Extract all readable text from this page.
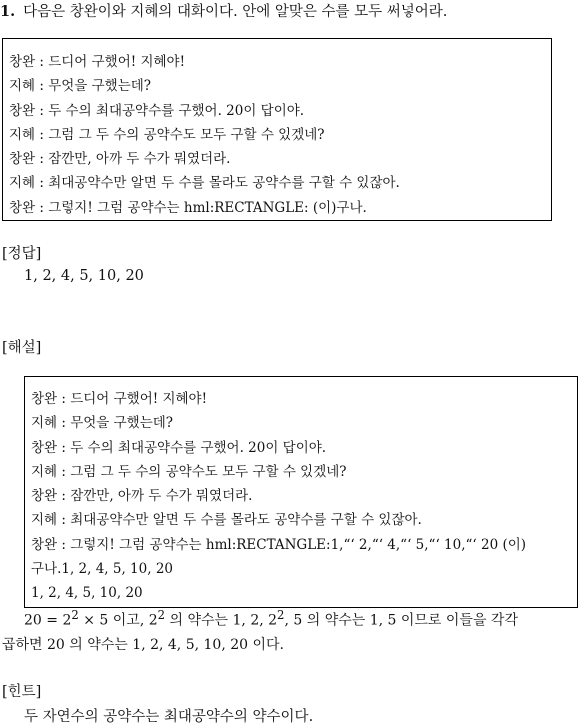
1. 다음은 창완이와 지혜의 대화이다. 안에 알맞은 수를 모두 써넣어라.
창완 : 드디어 구했어! 지혜야!
지혜 : 무엇을 구했는데?
창완 : 두 수의 최대공약수를 구했어. 20이 답이야.
지혜 : 그럼 그 두 수의 공약수도 모두 구할 수 있겠네?
창완 : 잠깐만, 아까 두 수가 뭐였더라.
지혜 : 최대공약수만 알면 두 수를 몰라도 공약수를 구할 수 있잖아.
창완 : 그렇지! 그럼 공약수는 hml:RECTANGLE: (이)구나.
[정답]
1, 2, 4, 5, 10, 20
[해설]
창완 : 드디어 구했어! 지혜야!
지혜 : 무엇을 구했는데?
창완 : 두 수의 최대공약수를 구했어. 20이 답이야.
지혜 : 그럼 그 두 수의 공약수도 모두 구할 수 있겠네?
창완 : 잠깐만, 아까 두 수가 뭐였더라.
지혜 : 최대공약수만 알면 두 수를 몰라도 공약수를 구할 수 있잖아.
창완 : 그렇지! 그럼 공약수는 hml:RECTANGLE:1,“‘ 2,“‘ 4,“‘ 5,“‘ 10,“‘ 20 (이)
구나.1, 2, 4, 5, 10, 20
1, 2, 4, 5, 10, 20
$20 = 2^2 \times 5$ 이고, $2^2$ 의 약수는 1, 2, $2^2$, 5 의 약수는 1, 5 이므로 이들을 각각
곱하면 20 의 약수는 1, 2, 4, 5, 10, 20 이다.
[힌트]
두 자연수의 공약수는 최대공약수의 약수이다.
